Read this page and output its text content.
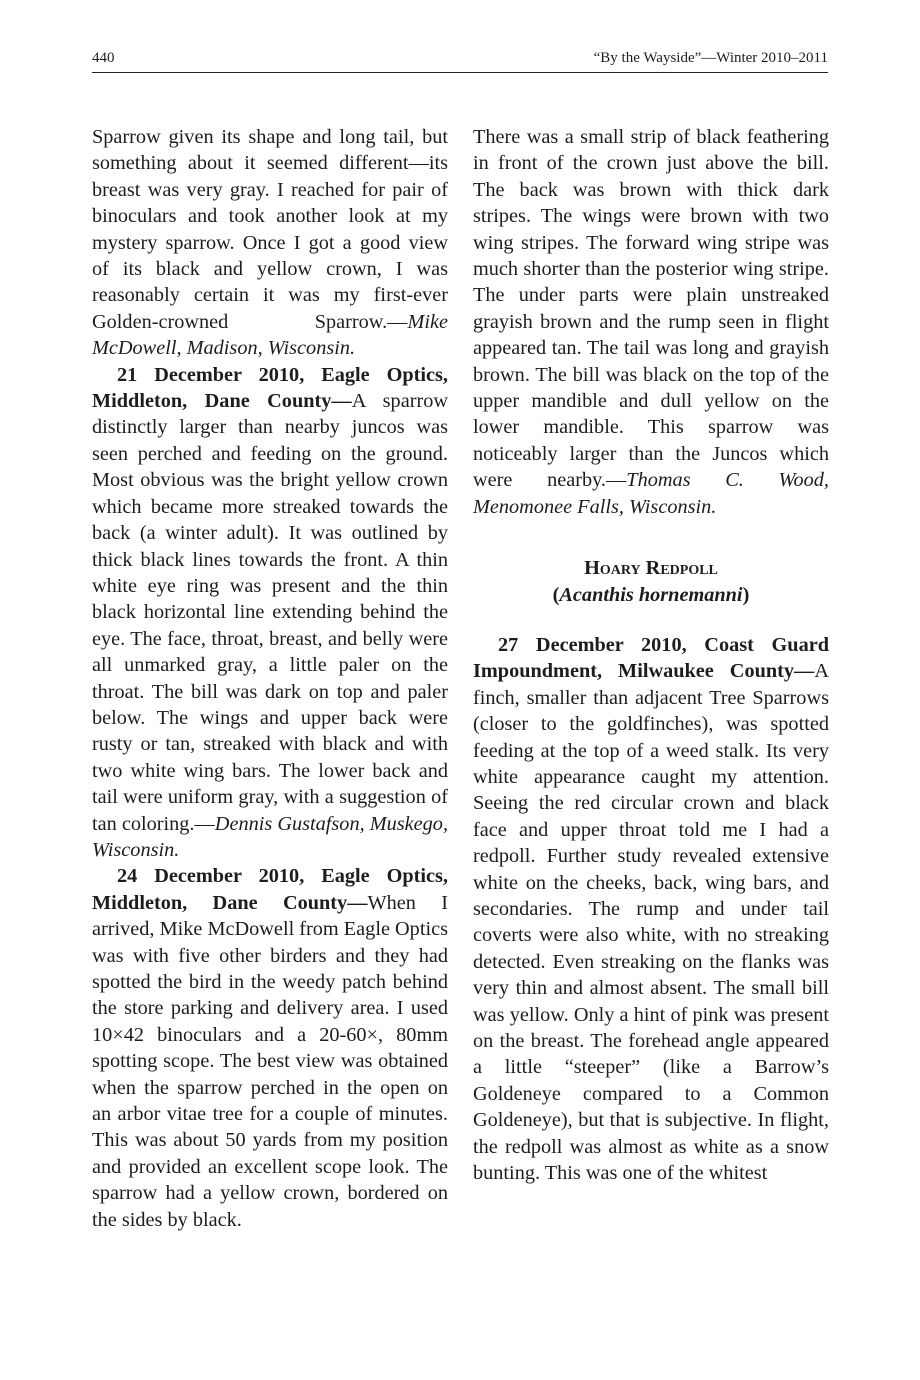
440	“By the Wayside”—Winter 2010–2011

Sparrow given its shape and long tail, but something about it seemed different—its breast was very gray. I reached for pair of binoculars and took another look at my mystery sparrow. Once I got a good view of its black and yellow crown, I was reasonably certain it was my first-ever Golden-crowned Sparrow.—Mike McDowell, Madison, Wisconsin.

21 December 2010, Eagle Optics, Middleton, Dane County—A sparrow distinctly larger than nearby juncos was seen perched and feeding on the ground. Most obvious was the bright yellow crown which became more streaked towards the back (a winter adult). It was outlined by thick black lines towards the front. A thin white eye ring was present and the thin black horizontal line extending behind the eye. The face, throat, breast, and belly were all unmarked gray, a little paler on the throat. The bill was dark on top and paler below. The wings and upper back were rusty or tan, streaked with black and with two white wing bars. The lower back and tail were uniform gray, with a suggestion of tan coloring.—Dennis Gustafson, Muskego, Wisconsin.

24 December 2010, Eagle Optics, Middleton, Dane County—When I arrived, Mike McDowell from Eagle Optics was with five other birders and they had spotted the bird in the weedy patch behind the store parking and delivery area. I used 10×42 binoculars and a 20-60×, 80mm spotting scope. The best view was obtained when the sparrow perched in the open on an arbor vitae tree for a couple of minutes. This was about 50 yards from my position and provided an excellent scope look. The sparrow had a yellow crown, bordered on the sides by black.

There was a small strip of black feathering in front of the crown just above the bill. The back was brown with thick dark stripes. The wings were brown with two wing stripes. The forward wing stripe was much shorter than the posterior wing stripe. The under parts were plain unstreaked grayish brown and the rump seen in flight appeared tan. The tail was long and grayish brown. The bill was black on the top of the upper mandible and dull yellow on the lower mandible. This sparrow was noticeably larger than the Juncos which were nearby.—Thomas C. Wood, Menomonee Falls, Wisconsin.

Hoary Redpoll

(Acanthis hornemanni)

27 December 2010, Coast Guard Impoundment, Milwaukee County—A finch, smaller than adjacent Tree Sparrows (closer to the goldfinches), was spotted feeding at the top of a weed stalk. Its very white appearance caught my attention. Seeing the red circular crown and black face and upper throat told me I had a redpoll. Further study revealed extensive white on the cheeks, back, wing bars, and secondaries. The rump and under tail coverts were also white, with no streaking detected. Even streaking on the flanks was very thin and almost absent. The small bill was yellow. Only a hint of pink was present on the breast. The forehead angle appeared a little “steeper” (like a Barrow’s Goldeneye compared to a Common Goldeneye), but that is subjective. In flight, the redpoll was almost as white as a snow bunting. This was one of the whitest
